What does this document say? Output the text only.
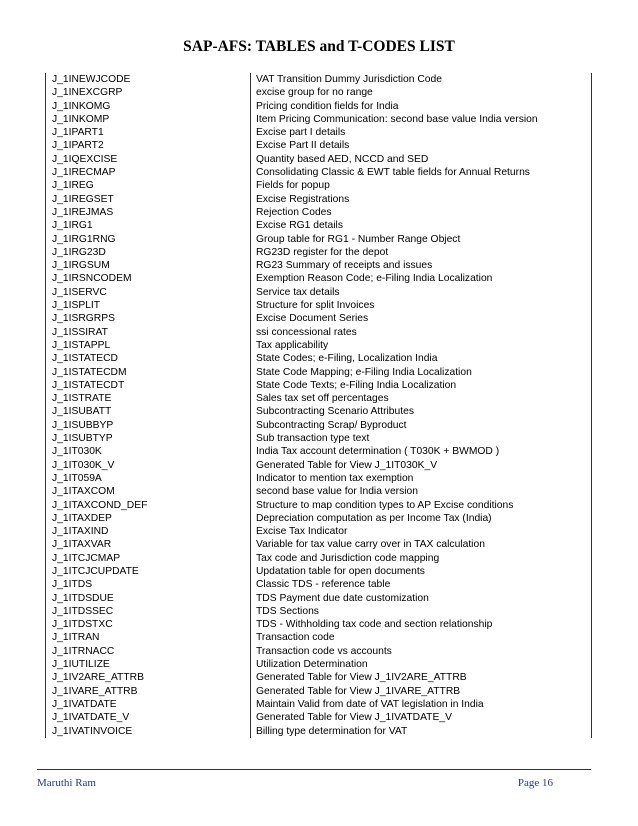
SAP-AFS: TABLES and T-CODES LIST
J_1INEWJCODE	VAT Transition Dummy Jurisdiction Code
J_1INEXCGRP	excise group for no range
J_1INKOMG	Pricing condition fields for India
J_1INKOMP	Item Pricing Communication: second base value India version
J_1IPART1	Excise part I details
J_1IPART2	Excise Part II details
J_1IQEXCISE	Quantity based AED, NCCD and SED
J_1IRECMAP	Consolidating Classic & EWT table fields for Annual Returns
J_1IREG	Fields for popup
J_1IREGSET	Excise Registrations
J_1IREJMAS	Rejection Codes
J_1IRG1	Excise RG1 details
J_1IRG1RNG	Group table for RG1 - Number Range Object
J_1IRG23D	RG23D register for the depot
J_1IRGSUM	RG23 Summary of receipts and issues
J_1IRSNCODEM	Exemption Reason Code; e-Filing India Localization
J_1ISERVC	Service tax details
J_1ISPLIT	Structure for split Invoices
J_1ISRGRPS	Excise Document Series
J_1ISSIRAT	ssi concessional rates
J_1ISTAPPL	Tax applicability
J_1ISTATECD	State Codes; e-Filing, Localization India
J_1ISTATECDM	State Code Mapping; e-Filing India Localization
J_1ISTATECDT	State Code Texts; e-Filing India Localization
J_1ISTRATE	Sales tax set off percentages
J_1ISUBATT	Subcontracting Scenario Attributes
J_1ISUBBYP	Subcontracting Scrap/ Byproduct
J_1ISUBTYP	Sub transaction type text
J_1IT030K	India Tax account determination ( T030K + BWMOD )
J_1IT030K_V	Generated Table for View J_1IT030K_V
J_1IT059A	Indicator to mention tax exemption
J_1ITAXCOM	second base value for India version
J_1ITAXCOND_DEF	Structure to map condition types to AP Excise conditions
J_1ITAXDEP	Depreciation computation as per Income Tax (India)
J_1ITAXIND	Excise Tax Indicator
J_1ITAXVAR	Variable for tax value carry over in TAX calculation
J_1ITCJCMAP	Tax code and Jurisdiction code mapping
J_1ITCJCUPDATE	Updatation table for open documents
J_1ITDS	Classic TDS - reference table
J_1ITDSDUE	TDS Payment due date customization
J_1ITDSSEC	TDS Sections
J_1ITDSTXC	TDS - Withholding tax code and section relationship
J_1ITRAN	Transaction code
J_1ITRNACC	Transaction code vs accounts
J_1IUTILIZE	Utilization Determination
J_1IV2ARE_ATTRB	Generated Table for View J_1IV2ARE_ATTRB
J_1IVARE_ATTRB	Generated Table for View J_1IVARE_ATTRB
J_1IVATDATE	Maintain Valid from date of VAT legislation in India
J_1IVATDATE_V	Generated Table for View J_1IVATDATE_V
J_1IVATINVOICE	Billing type determination for VAT
Maruthi Ram	Page 16
